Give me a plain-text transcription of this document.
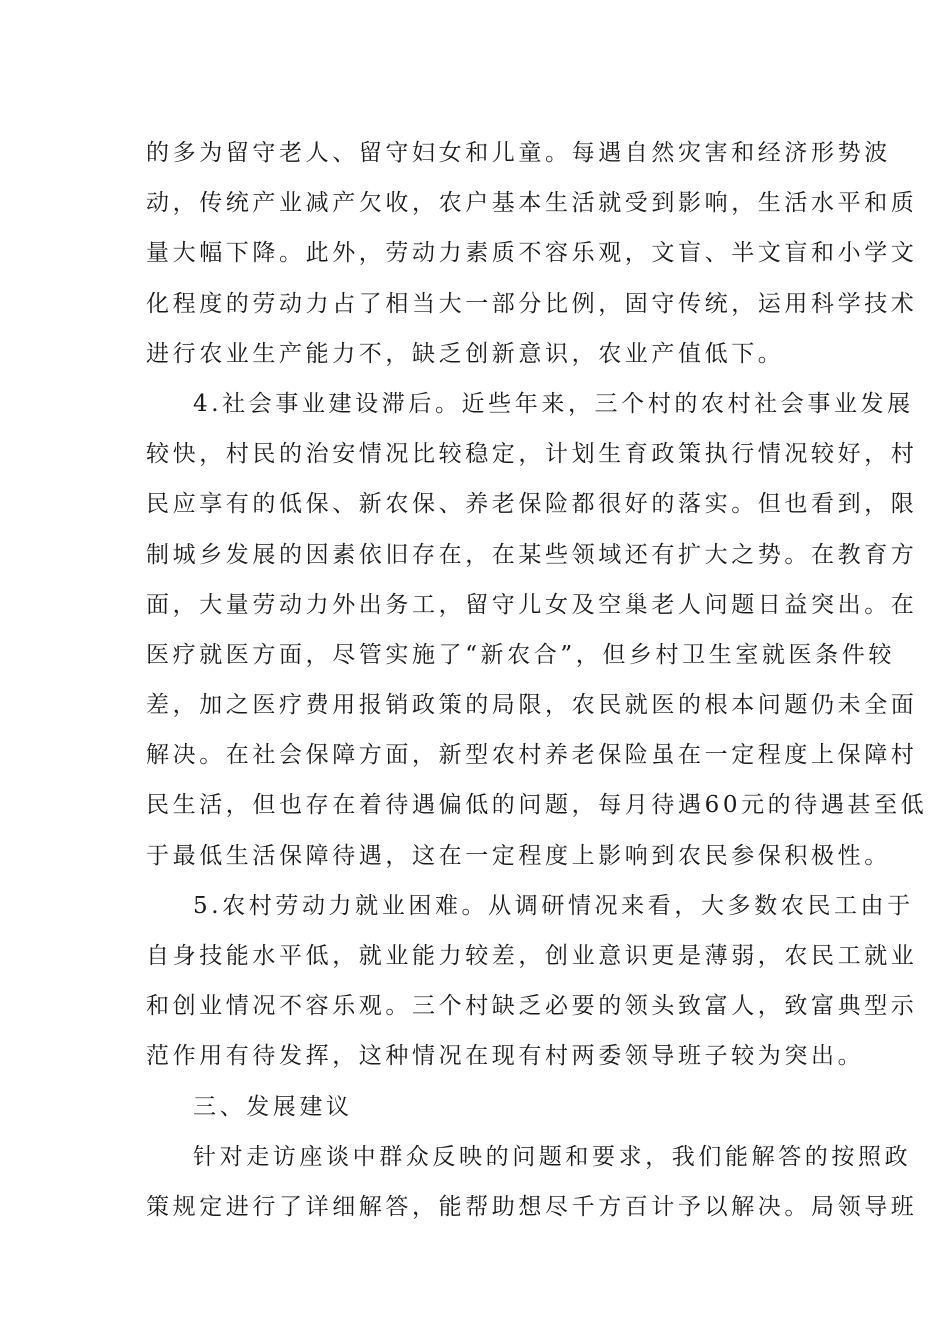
的多为留守老人、留守妇女和儿童。每遇自然灾害和经济形势波
动，传统产业减产欠收，农户基本生活就受到影响，生活水平和质
量大幅下降。此外，劳动力素质不容乐观，文盲、半文盲和小学文
化程度的劳动力占了相当大一部分比例，固守传统，运用科学技术
进行农业生产能力不，缺乏创新意识，农业产值低下。
4.社会事业建设滞后。近些年来，三个村的农村社会事业发展
较快，村民的治安情况比较稳定，计划生育政策执行情况较好，村
民应享有的低保、新农保、养老保险都很好的落实。但也看到，限
制城乡发展的因素依旧存在，在某些领域还有扩大之势。在教育方
面，大量劳动力外出务工，留守儿女及空巢老人问题日益突出。在
医疗就医方面，尽管实施了“新农合”，但乡村卫生室就医条件较
差，加之医疗费用报销政策的局限，农民就医的根本问题仍未全面
解决。在社会保障方面，新型农村养老保险虽在一定程度上保障村
民生活，但也存在着待遇偏低的问题，每月待遇60元的待遇甚至低
于最低生活保障待遇，这在一定程度上影响到农民参保积极性。
5.农村劳动力就业困难。从调研情况来看，大多数农民工由于
自身技能水平低，就业能力较差，创业意识更是薄弱，农民工就业
和创业情况不容乐观。三个村缺乏必要的领头致富人，致富典型示
范作用有待发挥，这种情况在现有村两委领导班子较为突出。
三、发展建议
针对走访座谈中群众反映的问题和要求，我们能解答的按照政
策规定进行了详细解答，能帮助想尽千方百计予以解决。局领导班
